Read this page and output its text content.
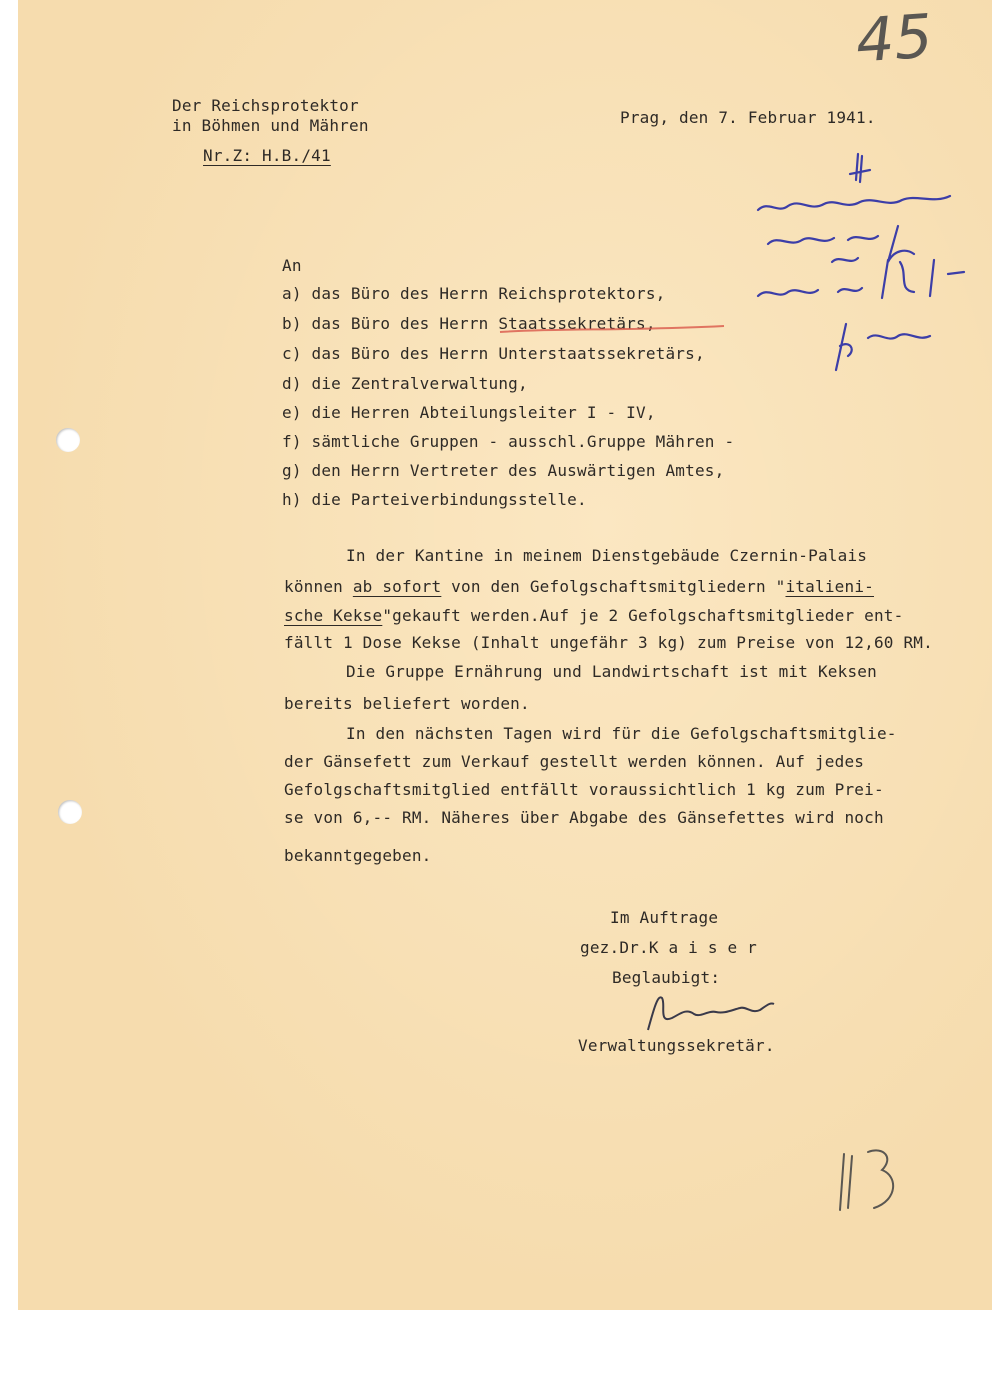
45
Der Reichsprotektor
in Böhmen und Mähren
Nr.Z: H.B./41
Prag, den 7. Februar 1941.
An
a) das Büro des Herrn Reichsprotektors,
b) das Büro des Herrn Staatssekretärs,
c) das Büro des Herrn Unterstaatssekretärs,
d) die Zentralverwaltung,
e) die Herren Abteilungsleiter I - IV,
f) sämtliche Gruppen - ausschl.Gruppe Mähren -
g) den Herrn Vertreter des Auswärtigen Amtes,
h) die Parteiverbindungsstelle.
In der Kantine in meinem Dienstgebäude Czernin-Palais
können ab sofort von den Gefolgschaftsmitgliedern "italieni-
sche Kekse"gekauft werden.Auf je 2 Gefolgschaftsmitglieder ent-
fällt 1 Dose Kekse (Inhalt ungefähr 3 kg) zum Preise von 12,60 RM.
Die Gruppe Ernährung und Landwirtschaft ist mit Keksen
bereits beliefert worden.
In den nächsten Tagen wird für die Gefolgschaftsmitglie-
der Gänsefett zum Verkauf gestellt werden können. Auf jedes
Gefolgschaftsmitglied entfällt voraussichtlich 1 kg zum Prei-
se von 6,-- RM. Näheres über Abgabe des Gänsefettes wird noch
bekanntgegeben.
Im Auftrage
gez.Dr.K a i s e r
Beglaubigt:
Verwaltungssekretär.
